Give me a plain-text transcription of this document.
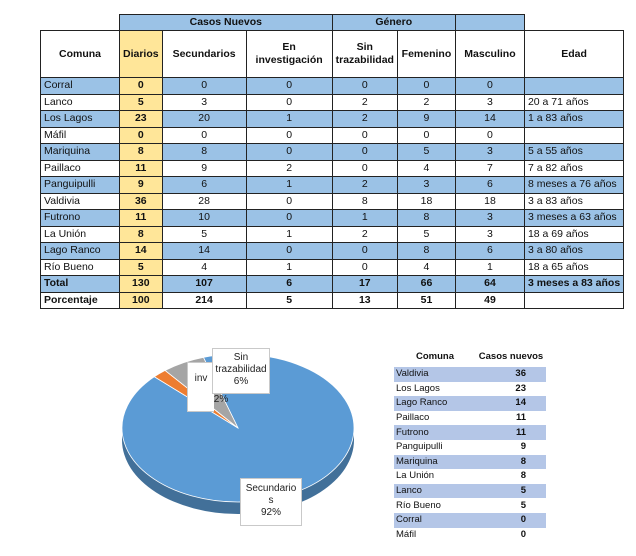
	Casos Nuevos			Género			
Comuna	Diarios	Secundarios	En investigación	Sin trazabilidad	Femenino	Masculino	Edad
Corral	0	0	0	0	0	0	
Lanco	5	3	0	2	2	3	20 a 71 años
Los Lagos	23	20	1	2	9	14	1 a 83 años
Máfil	0	0	0	0	0	0	
Mariquina	8	8	0	0	5	3	5 a 55 años
Paillaco	11	9	2	0	4	7	7 a 82 años
Panguipulli	9	6	1	2	3	6	8 meses a 76 años
Valdivia	36	28	0	8	18	18	3 a 83 años
Futrono	11	10	0	1	8	3	3 meses a 63 años
La Unión	8	5	1	2	5	3	18 a 69 años
Lago Ranco	14	14	0	0	8	6	3 a 80 años
Río Bueno	5	4	1	0	4	1	18 a 65 años
Total	130	107	6	17	66	64	3 meses a 83 años
Porcentaje	100	214	5	13	51	49	
inv
2%
Sin
trazabilidad
6%
Secundario
s
92%
Comuna	Casos nuevos
Valdivia	36
Los Lagos	23
Lago Ranco	14
Paillaco	11
Futrono	11
Panguipulli	9
Mariquina	8
La Unión	8
Lanco	5
Río Bueno	5
Corral	0
Máfil	0
